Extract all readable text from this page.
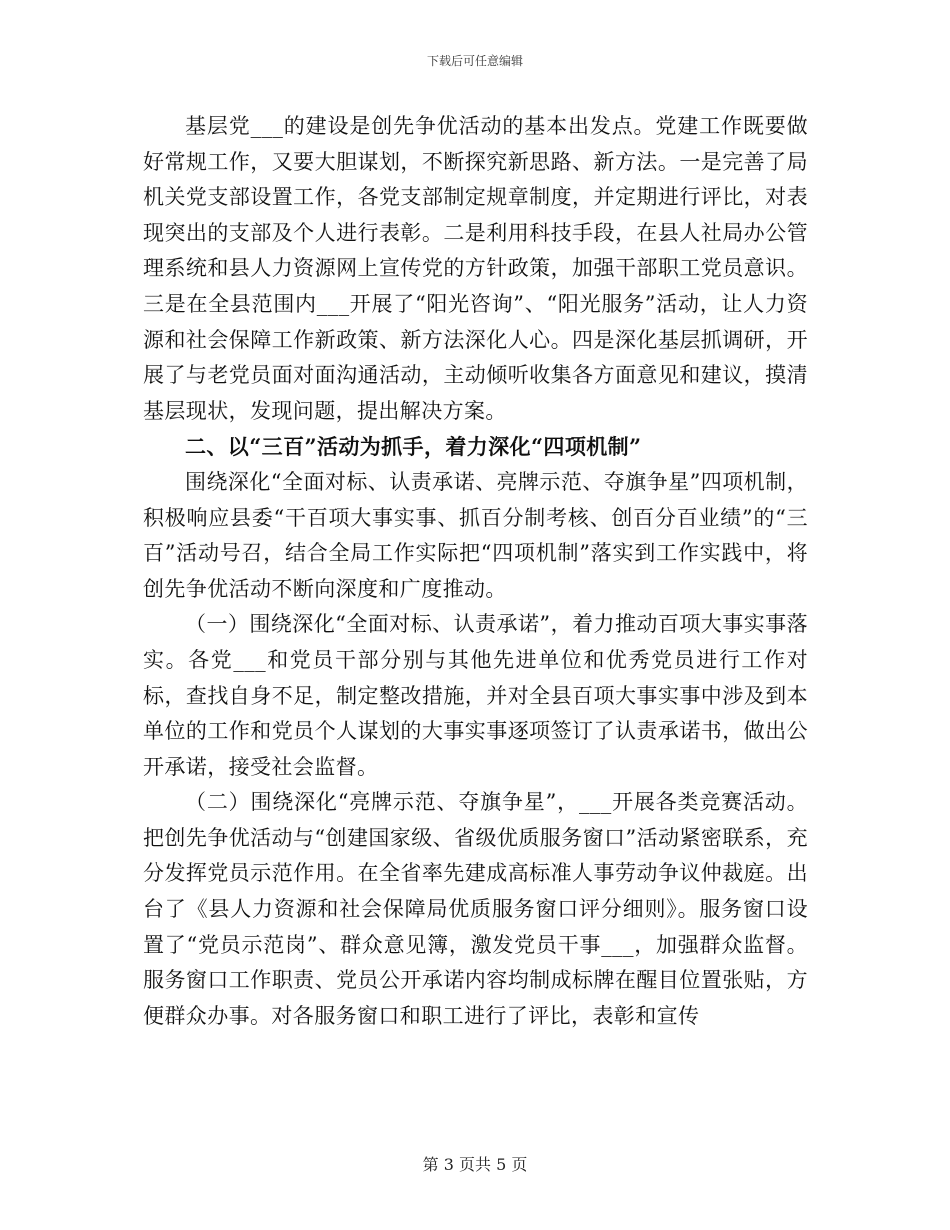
下载后可任意编辑

基层党___的建设是创先争优活动的基本出发点。党建工作既要做好常规工作，又要大胆谋划，不断探究新思路、新方法。一是完善了局机关党支部设置工作，各党支部制定规章制度，并定期进行评比，对表现突出的支部及个人进行表彰。二是利用科技手段，在县人社局办公管理系统和县人力资源网上宣传党的方针政策，加强干部职工党员意识。三是在全县范围内___开展了“阳光咨询”、“阳光服务”活动，让人力资源和社会保障工作新政策、新方法深化人心。四是深化基层抓调研，开展了与老党员面对面沟通活动，主动倾听收集各方面意见和建议，摸清基层现状，发现问题，提出解决方案。

二、以“三百”活动为抓手，着力深化“四项机制”

围绕深化“全面对标、认责承诺、亮牌示范、夺旗争星”四项机制，积极响应县委“干百项大事实事、抓百分制考核、创百分百业绩”的“三百”活动号召，结合全局工作实际把“四项机制”落实到工作实践中，将创先争优活动不断向深度和广度推动。

（一）围绕深化“全面对标、认责承诺”，着力推动百项大事实事落实。各党___和党员干部分别与其他先进单位和优秀党员进行工作对标，查找自身不足，制定整改措施，并对全县百项大事实事中涉及到本单位的工作和党员个人谋划的大事实事逐项签订了认责承诺书，做出公开承诺，接受社会监督。

（二）围绕深化“亮牌示范、夺旗争星”，___开展各类竞赛活动。把创先争优活动与“创建国家级、省级优质服务窗口”活动紧密联系，充分发挥党员示范作用。在全省率先建成高标准人事劳动争议仲裁庭。出台了《县人力资源和社会保障局优质服务窗口评分细则》。服务窗口设置了“党员示范岗”、群众意见簿，激发党员干事___，加强群众监督。服务窗口工作职责、党员公开承诺内容均制成标牌在醒目位置张贴，方便群众办事。对各服务窗口和职工进行了评比，表彰和宣传

第 3 页共 5 页
